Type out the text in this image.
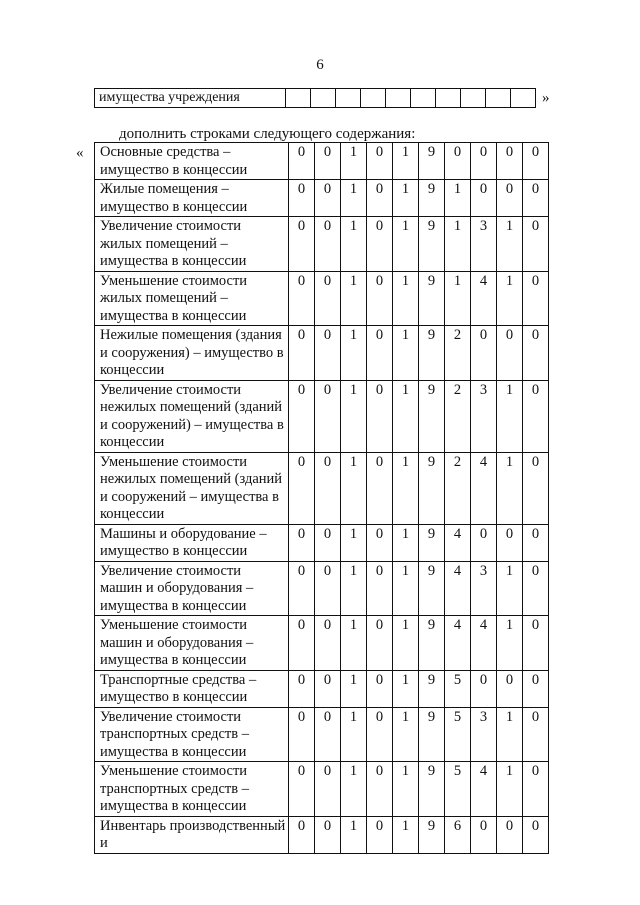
6
имущества учреждения											»
дополнить строками следующего содержания:
« Основные средства – имущество в концессии	0	0	1	0	1	9	0	0	0	0
Жилые помещения – имущество в концессии	0	0	1	0	1	9	1	0	0	0
Увеличение стоимости жилых помещений – имущества в концессии	0	0	1	0	1	9	1	3	1	0
Уменьшение стоимости жилых помещений – имущества в концессии	0	0	1	0	1	9	1	4	1	0
Нежилые помещения (здания и сооружения) – имущество в концессии	0	0	1	0	1	9	2	0	0	0
Увеличение стоимости нежилых помещений (зданий и сооружений) – имущества в концессии	0	0	1	0	1	9	2	3	1	0
Уменьшение стоимости нежилых помещений (зданий и сооружений – имущества в концессии	0	0	1	0	1	9	2	4	1	0
Машины и оборудование – имущество в концессии	0	0	1	0	1	9	4	0	0	0
Увеличение стоимости машин и оборудования – имущества в концессии	0	0	1	0	1	9	4	3	1	0
Уменьшение стоимости машин и оборудования – имущества в концессии	0	0	1	0	1	9	4	4	1	0
Транспортные средства – имущество в концессии	0	0	1	0	1	9	5	0	0	0
Увеличение стоимости транспортных средств – имущества в концессии	0	0	1	0	1	9	5	3	1	0
Уменьшение стоимости транспортных средств – имущества в концессии	0	0	1	0	1	9	5	4	1	0
Инвентарь производственный и	0	0	1	0	1	9	6	0	0	0
